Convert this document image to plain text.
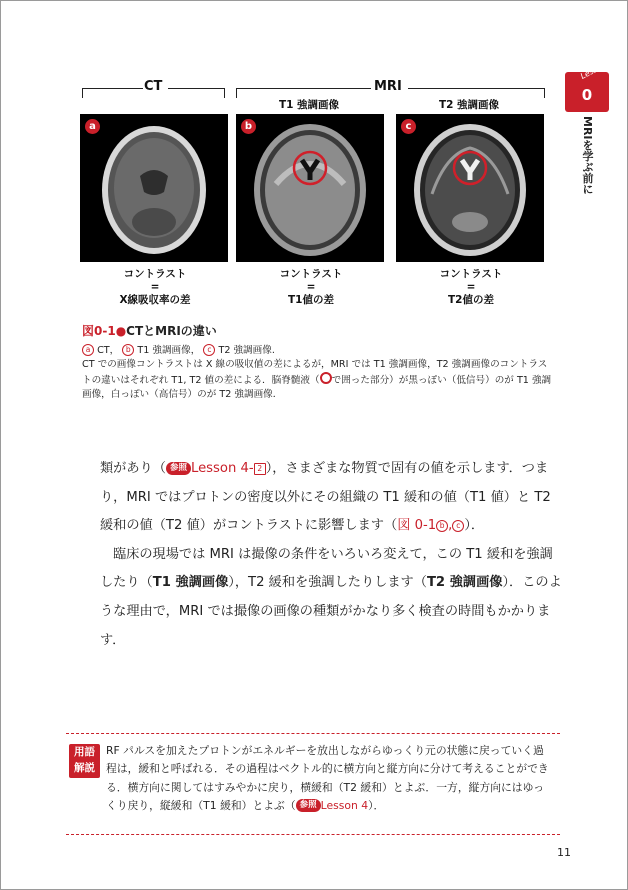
CT	MRI
T1 強調画像	T2 強調画像
a	b	c
コントラスト
=
X線吸収率の差
コントラスト
=
T1値の差
コントラスト
=
T2値の差
図0-1●CTとMRIの違い
a CT， b T1 強調画像， c T2 強調画像.
CT での画像コントラストは X 線の吸収値の差によるが，MRI では T1 強調画像，T2 強調画像のコントラストの違いはそれぞれ T1, T2 値の差による．脳脊髄液（ で囲った部分）が黒っぽい（低信号）のが T1 強調画像，白っぽい（高信号）のが T2 強調画像．

類があり（ 参照 Lesson 4- 2 ），さまざまな物質で固有の値を示します．つまり，MRI ではプロトンの密度以外にその組織の T1 緩和の値（T1 値）と T2 緩和の値（T2 値）がコントラストに影響します（図 0-1 b , c ）．

臨床の現場では MRI は撮像の条件をいろいろ変えて，この T1 緩和を強調したり（T1 強調画像），T2 緩和を強調したりします（T2 強調画像）．このような理由で，MRI では撮像の画像の種類がかなり多く検査の時間もかかります．

Lesson
0
MRIを学ぶ前に
用語
解説
RF パルスを加えたプロトンがエネルギーを放出しながらゆっくり元の状態に戻っていく過程は，緩和と呼ばれる．その過程はベクトル的に横方向と縦方向に分けて考えることができる．横方向に関してはすみやかに戻り，横緩和（T2 緩和）とよぶ．一方，縦方向にはゆっくり戻り，縦緩和（T1 緩和）とよぶ（ 参照 Lesson 4）．
11
